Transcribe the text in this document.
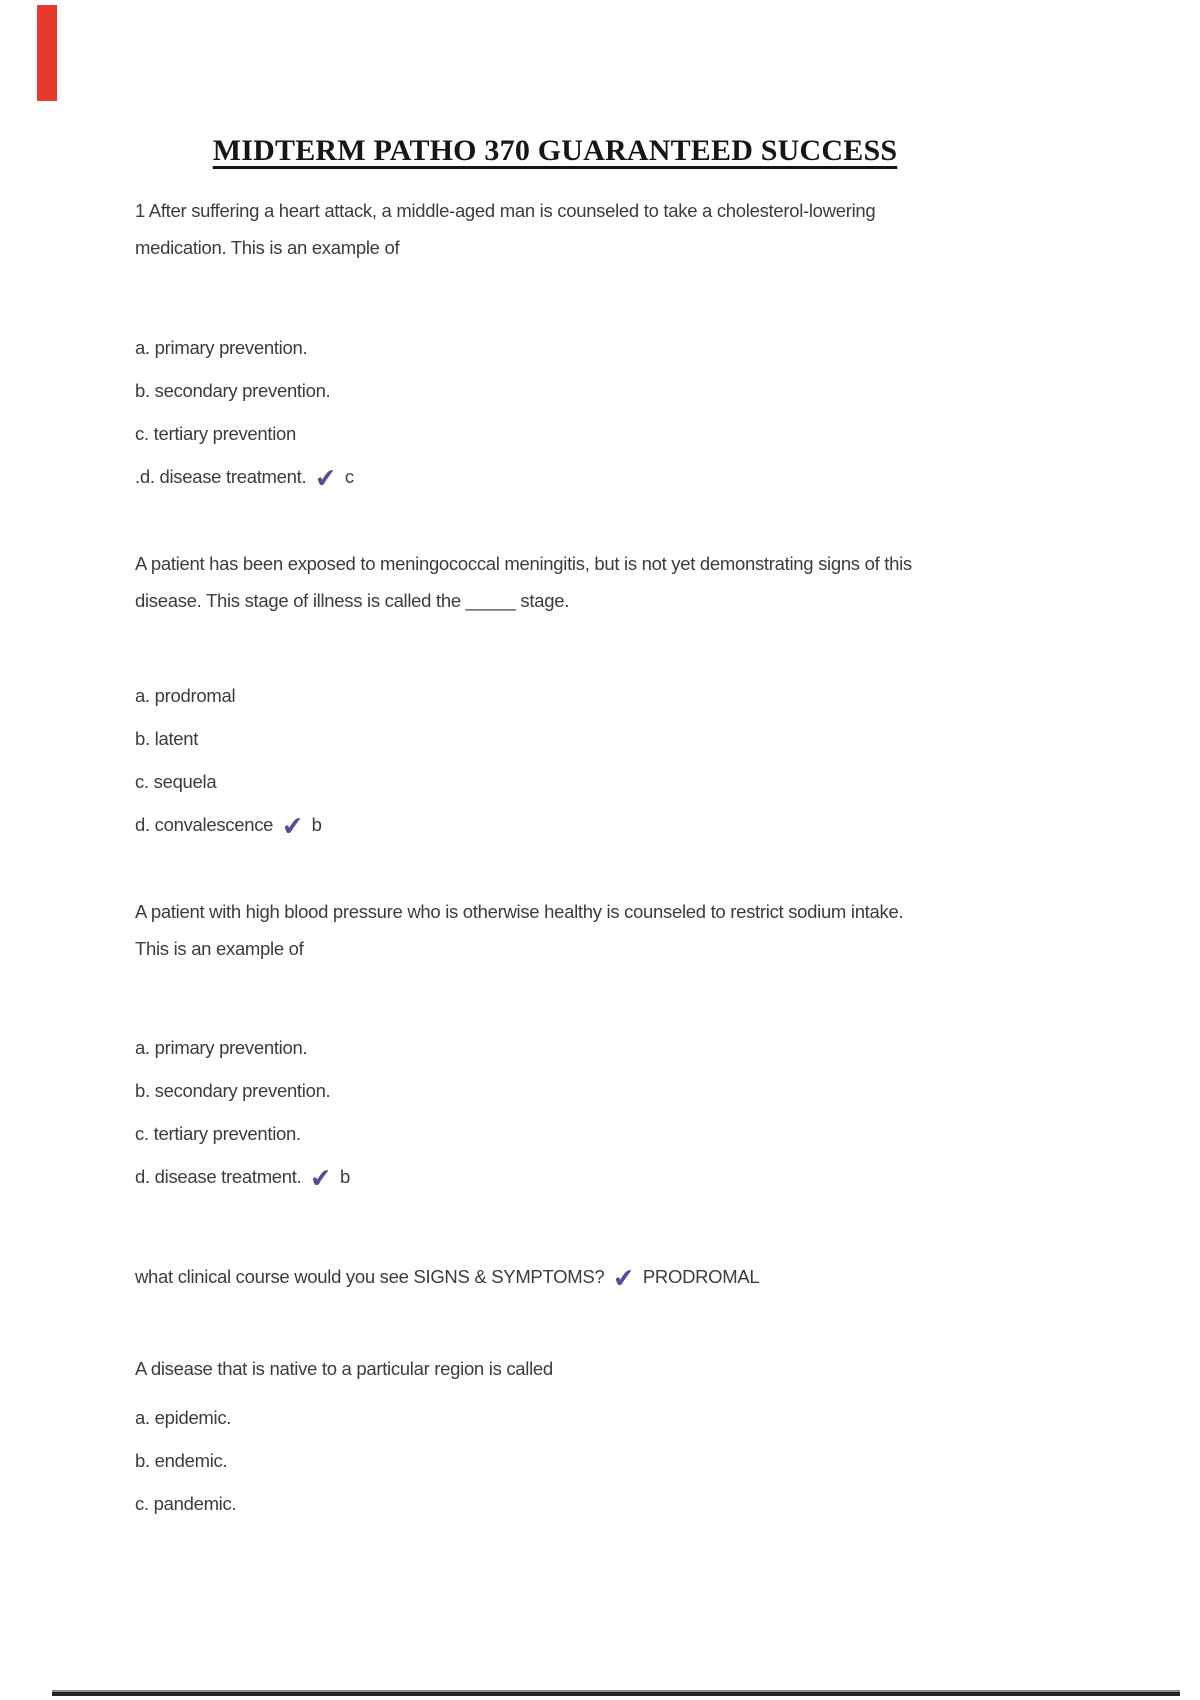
MIDTERM PATHO 370 GUARANTEED SUCCESS
1 After suffering a heart attack, a middle-aged man is counseled to take a cholesterol-lowering
medication. This is an example of
a. primary prevention.
b. secondary prevention.
c. tertiary prevention
.d. disease treatment. ✔ c
A patient has been exposed to meningococcal meningitis, but is not yet demonstrating signs of this
disease. This stage of illness is called the _____ stage.
a. prodromal
b. latent
c. sequela
d. convalescence ✔ b
A patient with high blood pressure who is otherwise healthy is counseled to restrict sodium intake.
This is an example of
a. primary prevention.
b. secondary prevention.
c. tertiary prevention.
d. disease treatment. ✔ b
what clinical course would you see SIGNS & SYMPTOMS? ✔ PRODROMAL
A disease that is native to a particular region is called
a. epidemic.
b. endemic.
c. pandemic.
